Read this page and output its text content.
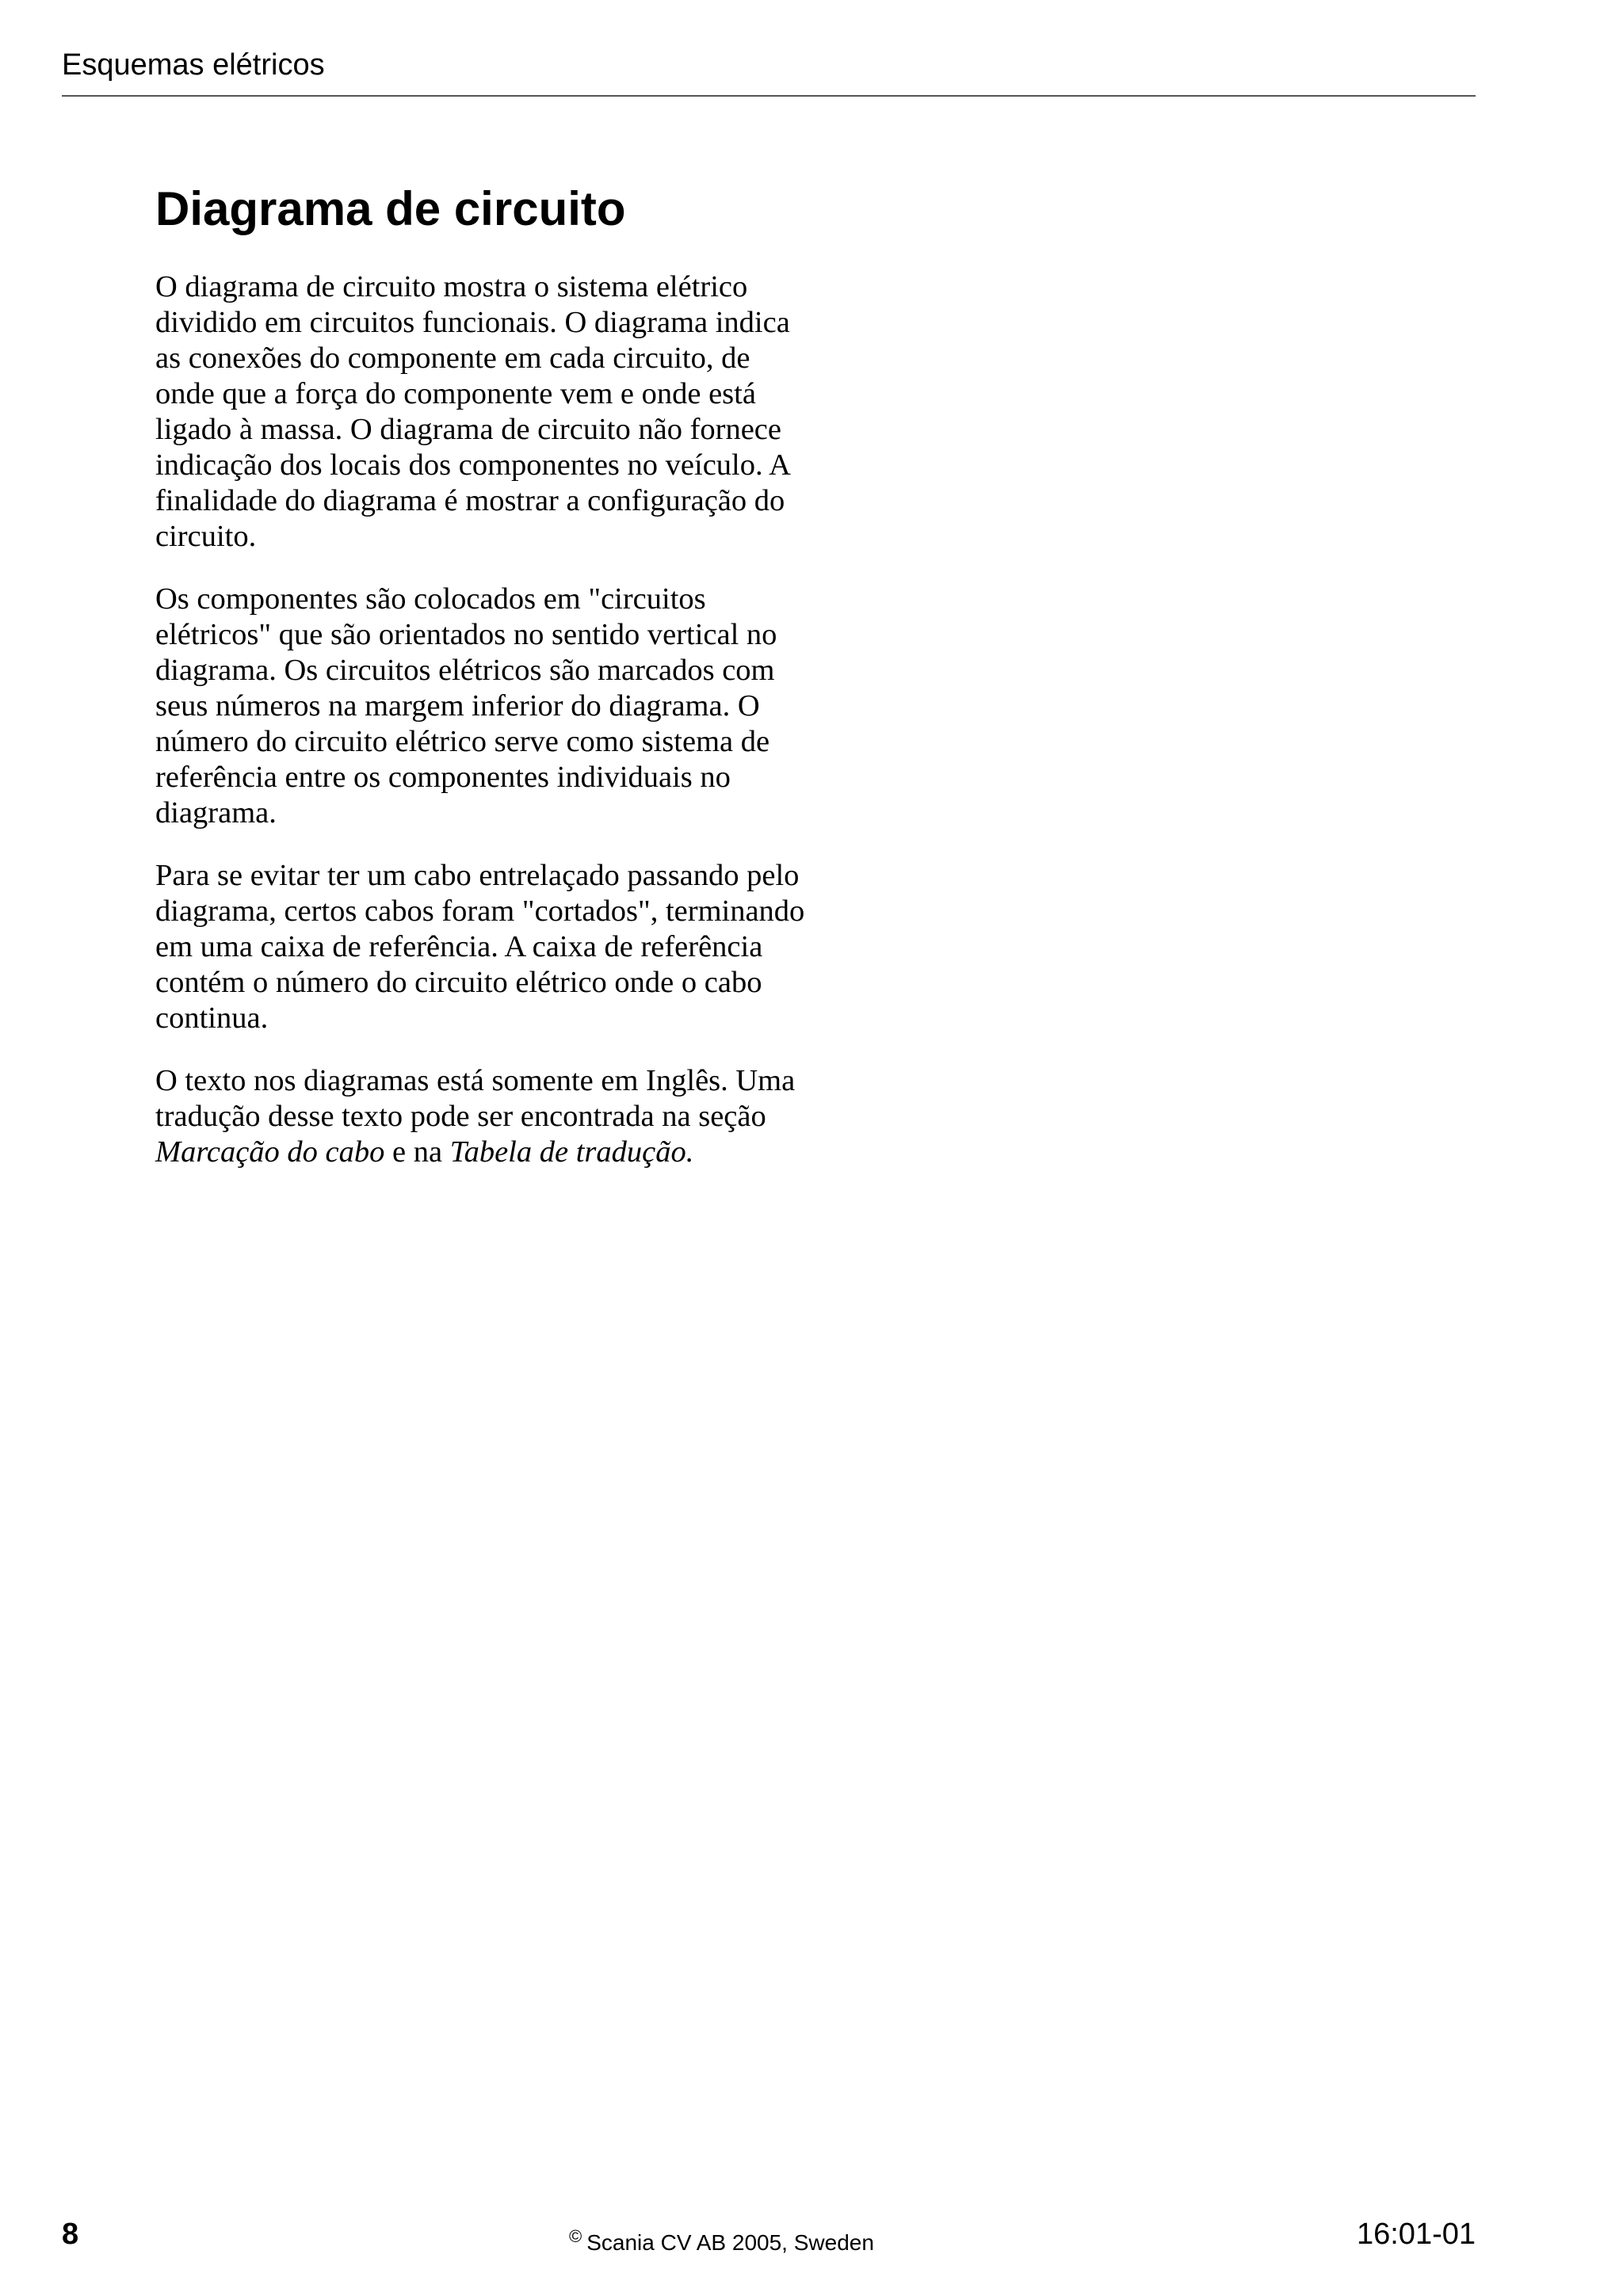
Esquemas elétricos
Diagrama de circuito

O diagrama de circuito mostra o sistema elétrico dividido em circuitos funcionais. O diagrama indica as conexões do componente em cada circuito, de onde que a força do componente vem e onde está ligado à massa. O diagrama de circuito não fornece indicação dos locais dos componentes no veículo. A finalidade do diagrama é mostrar a configuração do circuito.

Os componentes são colocados em "circuitos elétricos" que são orientados no sentido vertical no diagrama. Os circuitos elétricos são marcados com seus números na margem inferior do diagrama. O número do circuito elétrico serve como sistema de referência entre os componentes individuais no diagrama.

Para se evitar ter um cabo entrelaçado passando pelo diagrama, certos cabos foram "cortados", terminando em uma caixa de referência. A caixa de referência contém o número do circuito elétrico onde o cabo continua.

O texto nos diagramas está somente em Inglês. Uma tradução desse texto pode ser encontrada na seção Marcação do cabo e na Tabela de tradução.

8	© Scania CV AB 2005, Sweden	16:01-01
